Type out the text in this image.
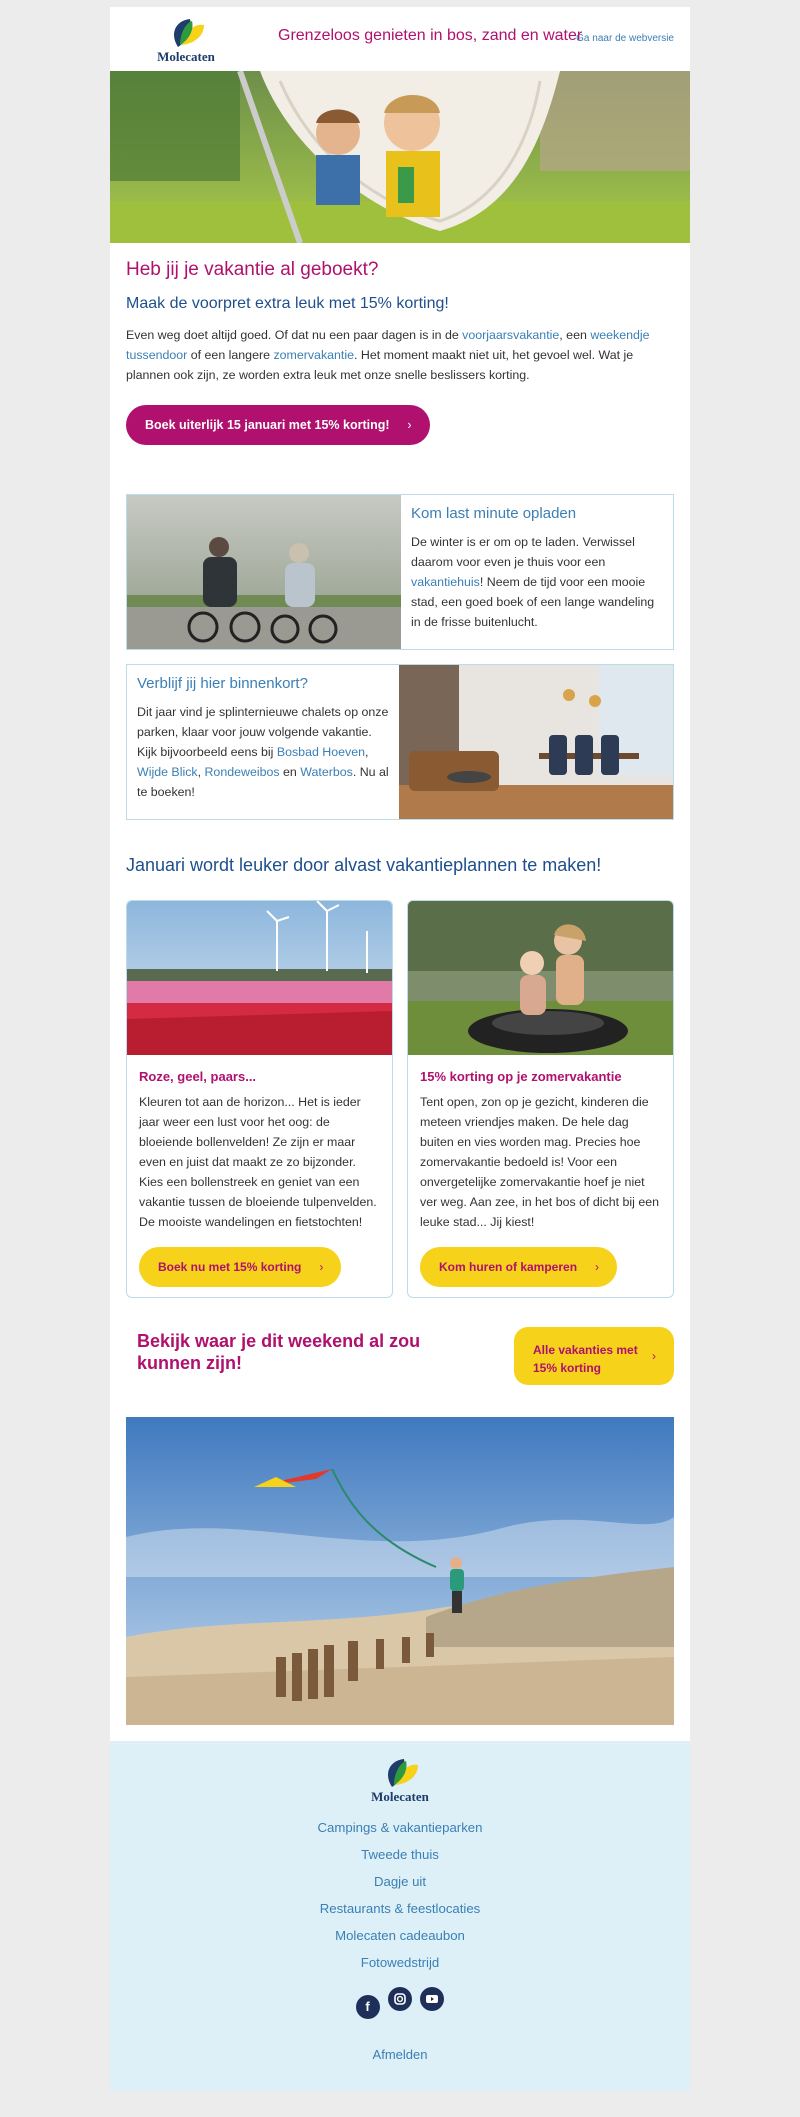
Molecaten
Grenzeloos genieten in bos, zand en water
Ga naar de webversie
Heb jij je vakantie al geboekt?
Maak de voorpret extra leuk met 15% korting!
Even weg doet altijd goed. Of dat nu een paar dagen is in de voorjaarsvakantie, een weekendje tussendoor of een langere zomervakantie. Het moment maakt niet uit, het gevoel wel. Wat je plannen ook zijn, ze worden extra leuk met onze snelle beslissers korting.
Boek uiterlijk 15 januari met 15% korting! ›
Kom last minute opladen
De winter is er om op te laden. Verwissel daarom voor even je thuis voor een vakantiehuis! Neem de tijd voor een mooie stad, een goed boek of een lange wandeling in de frisse buitenlucht.
Verblijf jij hier binnenkort?
Dit jaar vind je splinternieuwe chalets op onze parken, klaar voor jouw volgende vakantie. Kijk bijvoorbeeld eens bij Bosbad Hoeven, Wijde Blick, Rondeweibos en Waterbos. Nu al te boeken!
Januari wordt leuker door alvast vakantieplannen te maken!
Roze, geel, paars...
Kleuren tot aan de horizon... Het is ieder jaar weer een lust voor het oog: de bloeiende bollenvelden! Ze zijn er maar even en juist dat maakt ze zo bijzonder. Kies een bollenstreek en geniet van een vakantie tussen de bloeiende tulpenvelden. De mooiste wandelingen en fietstochten!
Boek nu met 15% korting ›
15% korting op je zomervakantie
Tent open, zon op je gezicht, kinderen die meteen vriendjes maken. De hele dag buiten en vies worden mag. Precies hoe zomervakantie bedoeld is! Voor een onvergetelijke zomervakantie hoef je niet ver weg. Aan zee, in het bos of dicht bij een leuke stad... Jij kiest!
Kom huren of kamperen ›
Bekijk waar je dit weekend al zou kunnen zijn!
Alle vakanties met 15% korting
›
Molecaten
Campings & vakantieparken
Tweede thuis
Dagje uit
Restaurants & feestlocaties
Molecaten cadeaubon
Fotowedstrijd
f
Afmelden
